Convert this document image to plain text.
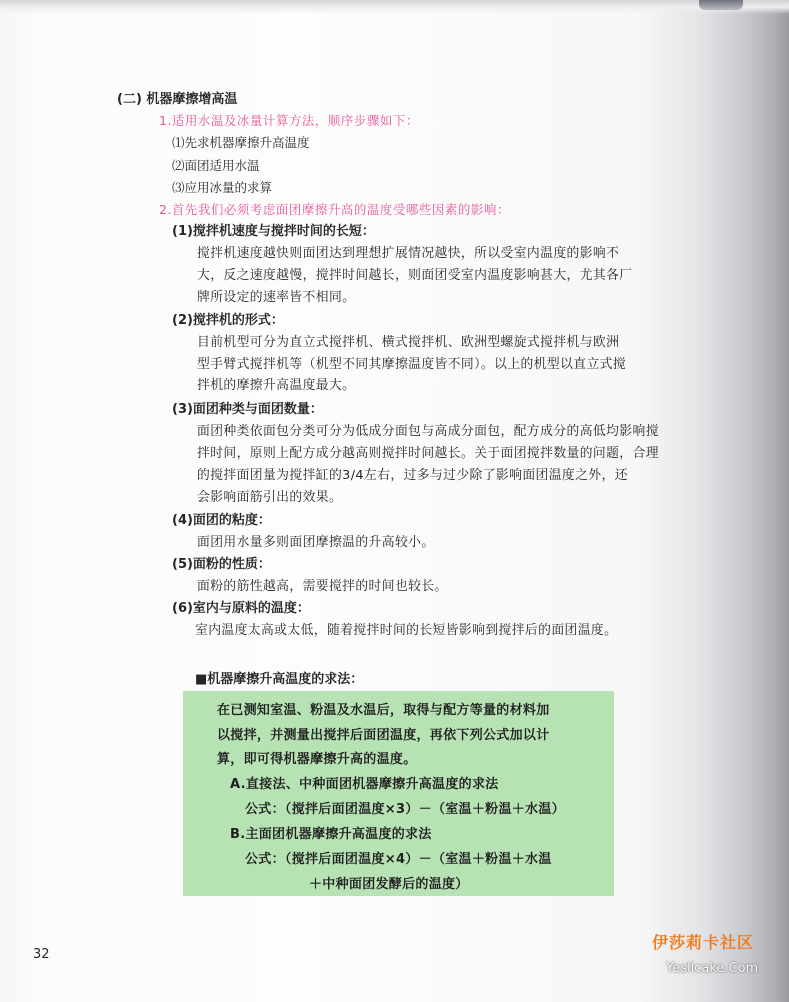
(二) 机器摩擦增高温
1.适用水温及冰量计算方法，顺序步骤如下：
⑴先求机器摩擦升高温度
⑵面团适用水温
⑶应用冰量的求算
2.首先我们必须考虑面团摩擦升高的温度受哪些因素的影响：
(1)搅拌机速度与搅拌时间的长短：
搅拌机速度越快则面团达到理想扩展情况越快，所以受室内温度的影响不
大，反之速度越慢，搅拌时间越长，则面团受室内温度影响甚大，尤其各厂
牌所设定的速率皆不相同。
(2)搅拌机的形式：
目前机型可分为直立式搅拌机、横式搅拌机、欧洲型螺旋式搅拌机与欧洲
型手臂式搅拌机等（机型不同其摩擦温度皆不同）。以上的机型以直立式搅
拌机的摩擦升高温度最大。
(3)面团种类与面团数量：
面团种类依面包分类可分为低成分面包与高成分面包，配方成分的高低均影响搅
拌时间，原则上配方成分越高则搅拌时间越长。关于面团搅拌数量的问题，合理
的搅拌面团量为搅拌缸的3/4左右，过多与过少除了影响面团温度之外，还
会影响面筋引出的效果。
(4)面团的粘度：
面团用水量多则面团摩擦温的升高较小。
(5)面粉的性质：
面粉的筋性越高，需要搅拌的时间也较长。
(6)室内与原料的温度：
室内温度太高或太低，随着搅拌时间的长短皆影响到搅拌后的面团温度。
■机器摩擦升高温度的求法：
在已测知室温、粉温及水温后，取得与配方等量的材料加
以搅拌，并测量出搅拌后面团温度，再依下列公式加以计
算，即可得机器摩擦升高的温度。
A.直接法、中种面团机器摩擦升高温度的求法
公式：（搅拌后面团温度×3）－（室温＋粉温＋水温）
B.主面团机器摩擦升高温度的求法
公式：（搅拌后面团温度×4）－（室温＋粉温＋水温
＋中种面团发酵后的温度）
32
伊莎莉卡社区
Yeslicake.Com
